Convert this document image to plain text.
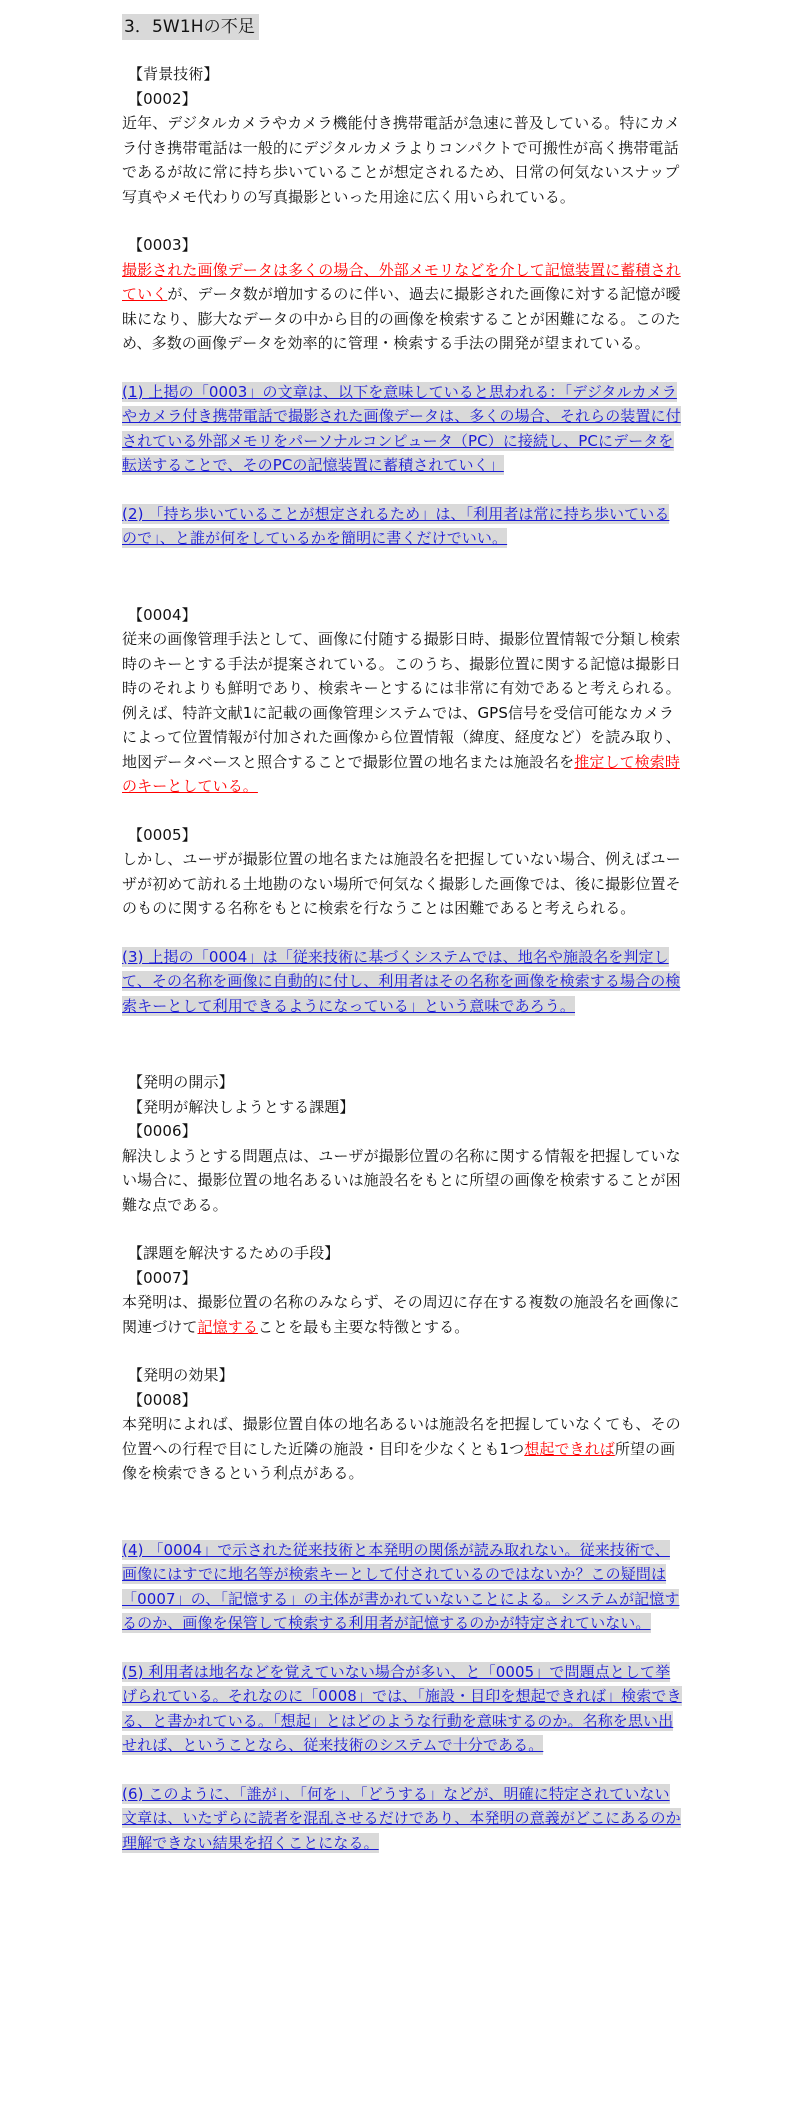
3．5W1Hの不足

【背景技術】

【0002】

近年、デジタルカメラやカメラ機能付き携帯電話が急速に普及している。特にカメラ付き携帯電話は一般的にデジタルカメラよりコンパクトで可搬性が高く携帯電話であるが故に常に持ち歩いていることが想定されるため、日常の何気ないスナップ写真やメモ代わりの写真撮影といった用途に広く用いられている。

【0003】

撮影された画像データは多くの場合、外部メモリなどを介して記憶装置に蓄積されていくが、データ数が増加するのに伴い、過去に撮影された画像に対する記憶が曖昧になり、膨大なデータの中から目的の画像を検索することが困難になる。このため、多数の画像データを効率的に管理・検索する手法の開発が望まれている。

(1) 上掲の「0003」の文章は、以下を意味していると思われる：「デジタルカメラやカメラ付き携帯電話で撮影された画像データは、多くの場合、それらの装置に付されている外部メモリをパーソナルコンピュータ（PC）に接続し、PCにデータを転送することで、そのPCの記憶装置に蓄積されていく」

(2) 「持ち歩いていることが想定されるため」は、「利用者は常に持ち歩いているので」、と誰が何をしているかを簡明に書くだけでいい。

【0004】

従来の画像管理手法として、画像に付随する撮影日時、撮影位置情報で分類し検索時のキーとする手法が提案されている。このうち、撮影位置に関する記憶は撮影日時のそれよりも鮮明であり、検索キーとするには非常に有効であると考えられる。例えば、特許文献1に記載の画像管理システムでは、GPS信号を受信可能なカメラによって位置情報が付加された画像から位置情報（緯度、経度など）を読み取り、地図データベースと照合することで撮影位置の地名または施設名を推定して検索時のキーとしている。

【0005】

しかし、ユーザが撮影位置の地名または施設名を把握していない場合、例えばユーザが初めて訪れる土地勘のない場所で何気なく撮影した画像では、後に撮影位置そのものに関する名称をもとに検索を行なうことは困難であると考えられる。

(3) 上掲の「0004」は「従来技術に基づくシステムでは、地名や施設名を判定して、その名称を画像に自動的に付し、利用者はその名称を画像を検索する場合の検索キーとして利用できるようになっている」という意味であろう。

【発明の開示】

【発明が解決しようとする課題】

【0006】

解決しようとする問題点は、ユーザが撮影位置の名称に関する情報を把握していない場合に、撮影位置の地名あるいは施設名をもとに所望の画像を検索することが困難な点である。

【課題を解決するための手段】

【0007】

本発明は、撮影位置の名称のみならず、その周辺に存在する複数の施設名を画像に関連づけて記憶することを最も主要な特徴とする。

【発明の効果】

【0008】

本発明によれば、撮影位置自体の地名あるいは施設名を把握していなくても、その位置への行程で目にした近隣の施設・目印を少なくとも1つ想起できれば所望の画像を検索できるという利点がある。

(4) 「0004」で示された従来技術と本発明の関係が読み取れない。従来技術で、画像にはすでに地名等が検索キーとして付されているのではないか？この疑問は「0007」の、「記憶する」の主体が書かれていないことによる。システムが記憶するのか、画像を保管して検索する利用者が記憶するのかが特定されていない。

(5) 利用者は地名などを覚えていない場合が多い、と「0005」で問題点として挙げられている。それなのに「0008」では、「施設・目印を想起できれば」検索できる、と書かれている。「想起」とはどのような行動を意味するのか。名称を思い出せれば、ということなら、従来技術のシステムで十分である。

(6) このように、「誰が」、「何を」、「どうする」などが、明確に特定されていない文章は、いたずらに読者を混乱させるだけであり、本発明の意義がどこにあるのか理解できない結果を招くことになる。
